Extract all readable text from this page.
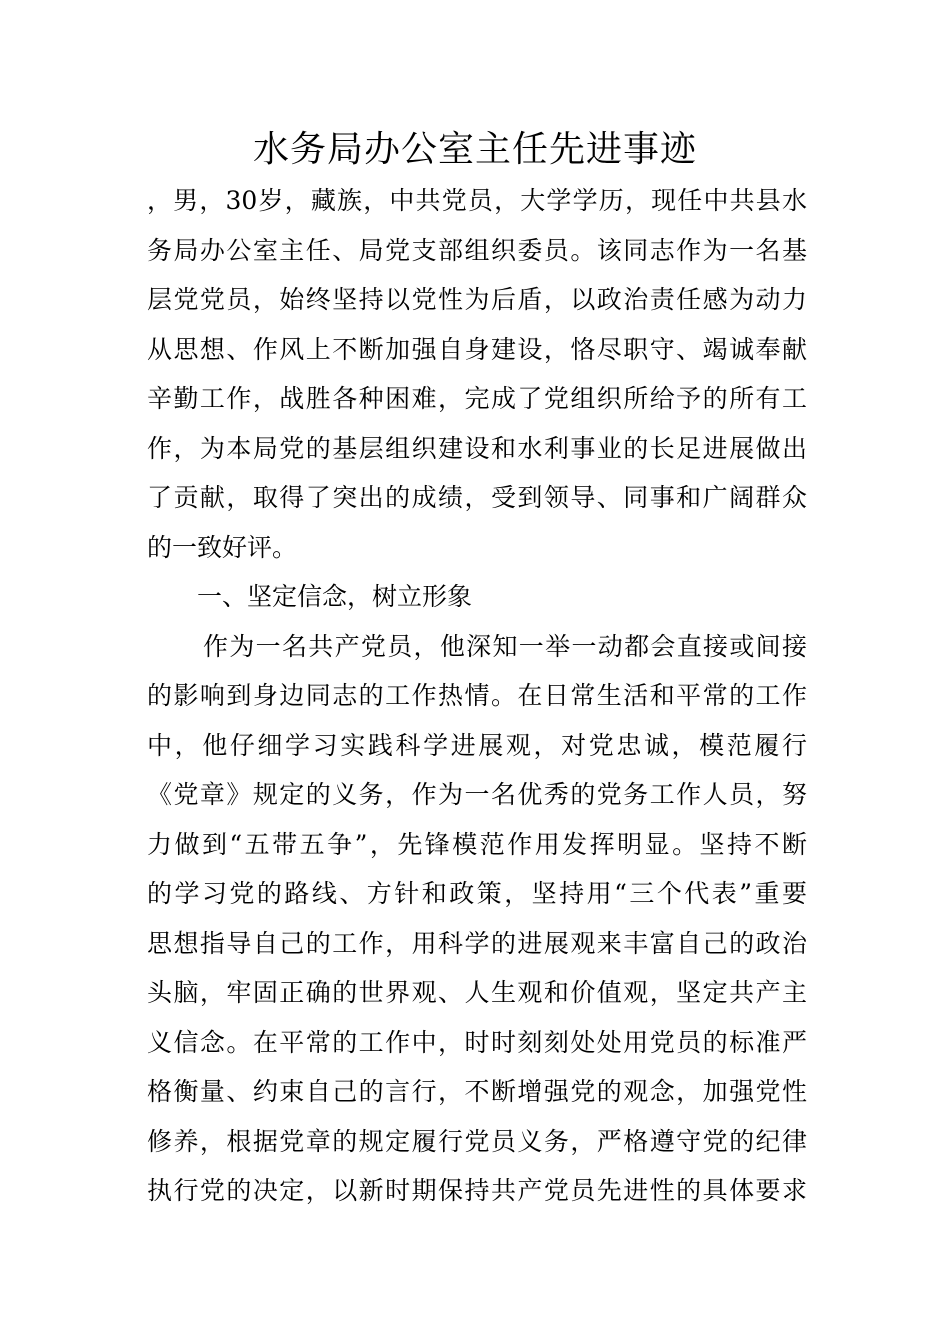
水务局办公室主任先进事迹
，男，30岁，藏族，中共党员，大学学历，现任中共县水
务局办公室主任、局党支部组织委员。该同志作为一名基
层党党员，始终坚持以党性为后盾，以政治责任感为动力
从思想、作风上不断加强自身建设，恪尽职守、竭诚奉献
辛勤工作，战胜各种困难，完成了党组织所给予的所有工
作，为本局党的基层组织建设和水利事业的长足进展做出
了贡献，取得了突出的成绩，受到领导、同事和广阔群众
的一致好评。
一、坚定信念，树立形象
作为一名共产党员，他深知一举一动都会直接或间接
的影响到身边同志的工作热情。在日常生活和平常的工作
中，他仔细学习实践科学进展观，对党忠诚，模范履行
《党章》规定的义务，作为一名优秀的党务工作人员，努
力做到“五带五争”，先锋模范作用发挥明显。坚持不断
的学习党的路线、方针和政策，坚持用“三个代表”重要
思想指导自己的工作，用科学的进展观来丰富自己的政治
头脑，牢固正确的世界观、人生观和价值观，坚定共产主
义信念。在平常的工作中，时时刻刻处处用党员的标准严
格衡量、约束自己的言行，不断增强党的观念，加强党性
修养，根据党章的规定履行党员义务，严格遵守党的纪律
执行党的决定，以新时期保持共产党员先进性的具体要求
